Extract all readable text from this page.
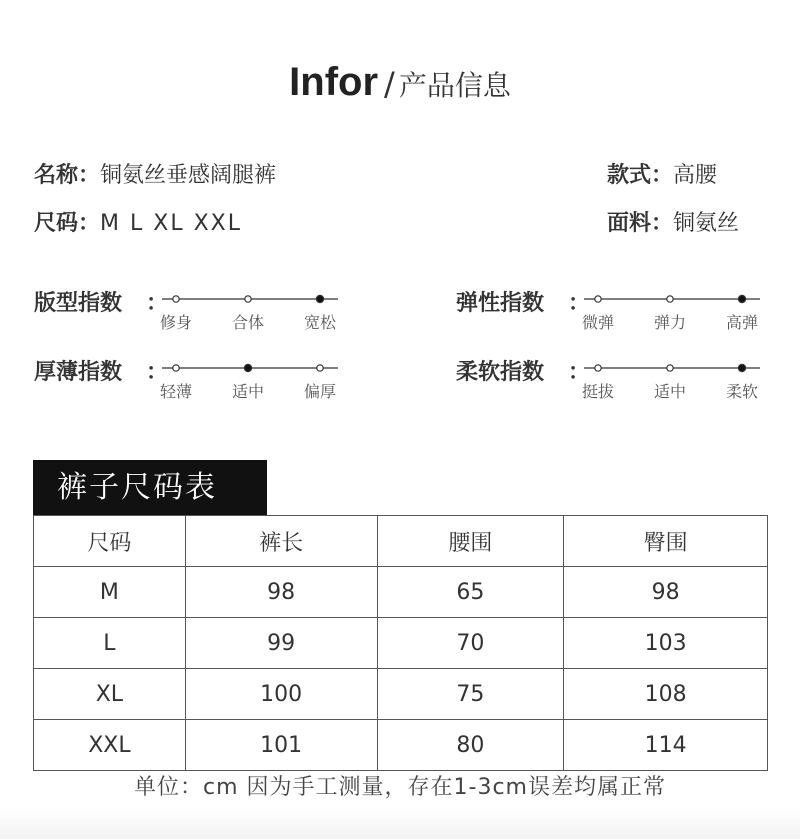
Infor / 产品信息
名称：铜氨丝垂感阔腿裤	款式：高腰
尺码：M L XL XXL	面料：铜氨丝
版型指数 ：
修身	合体	宽松
弹性指数 ：
微弹	弹力	高弹
厚薄指数 ：
轻薄	适中	偏厚
柔软指数 ：
挺拔	适中	柔软
裤子尺码表
尺码	裤长	腰围	臀围
M	98	65	98
L	99	70	103
XL	100	75	108
XXL	101	80	114
单位：cm 因为手工测量，存在1-3cm误差均属正常
